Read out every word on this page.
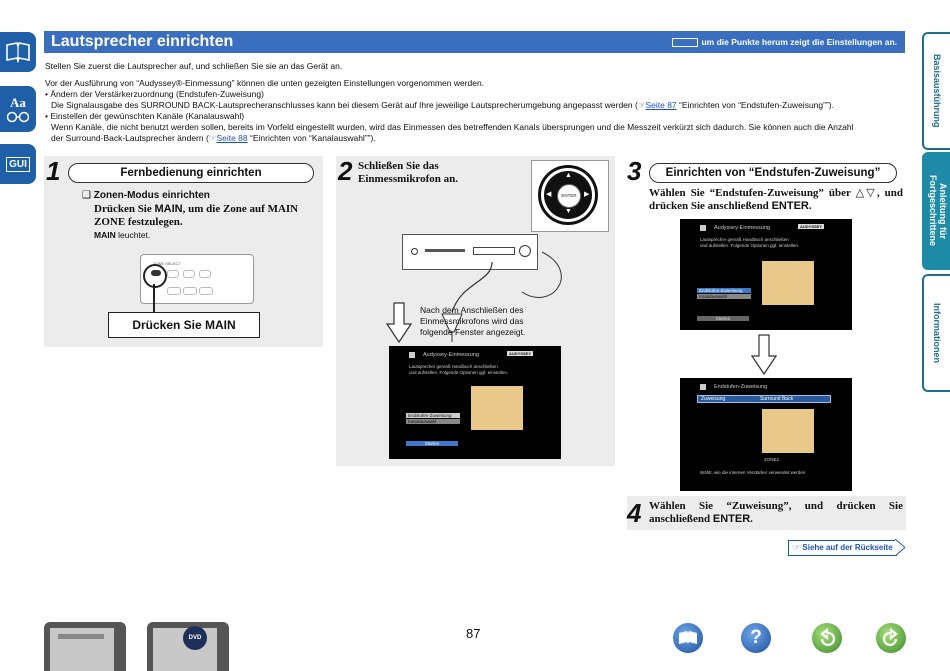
Aa
GUI
Basisausführung
Anleitung für Fortgeschrittene
Informationen
Lautsprecher einrichten	um die Punkte herum zeigt die Einstellungen an.
Stellen Sie zuerst die Lautsprecher auf, und schließen Sie sie an das Gerät an.
Vor der Ausführung von “Audyssey®-Einmessung” können die unten gezeigten Einstellungen vorgenommen werden.
• Ändern der Verstärkerzuordnung (Endstufen-Zuweisung)
Die Signalausgabe des SURROUND BACK-Lautsprecheranschlusses kann bei diesem Gerät auf Ihre jeweilige Lautsprecherumgebung angepasst werden (☞Seite 87 “Einrichten von “Endstufen-Zuweisung””).
• Einstellen der gewünschten Kanäle (Kanalauswahl)
Wenn Kanäle, die nicht benutzt werden sollen, bereits im Vorfeld eingestellt wurden, wird das Einmessen des betreffenden Kanals übersprungen und die Messzeit verkürzt sich dadurch. Sie können auch die Anzahl
der Surround-Back-Lautsprecher ändern (☞Seite 88 “Einrichten von “Kanalauswahl””).
1	Fernbedienung einrichten
❑ Zonen-Modus einrichten
Drücken Sie MAIN, um die Zone auf MAIN ZONE festzulegen.
MAIN leuchtet.
ZONE SELECT
Drücken Sie MAIN
2 Schließen Sie das Einmessmikrofon an.
ENTER
▲
▼
◀	▶
Nach dem Anschließen des Einmessmikrofons wird das folgende Fenster angezeigt.
Audyssey-Einmessung	AUDYSSEY
Lautsprecher gemäß Handbuch anschließen
und aufstellen. Folgende Optionen ggf. einstellen.
Endstufen-Zuweisung
Kanalauswahl
Starten
3	Einrichten von “Endstufen-Zuweisung”
Wählen Sie “Endstufen-Zuweisung” über △▽, und drücken Sie anschließend ENTER.
Audyssey-Einmessung	AUDYSSEY
Lautsprecher gemäß Handbuch anschließen
und aufstellen. Folgende Optionen ggf. einstellen.
Endstufen-Zuweisung
Kanalauswahl
Starten
Endstufen-Zuweisung
Zuweisung	Surround Back
ZONE2
Wählt, wie die internen Verstärker verwendet werden
4 Wählen Sie “Zuweisung”, und drücken Sie anschließend ENTER.
☞ Siehe auf der Rückseite
DVD	87	?
